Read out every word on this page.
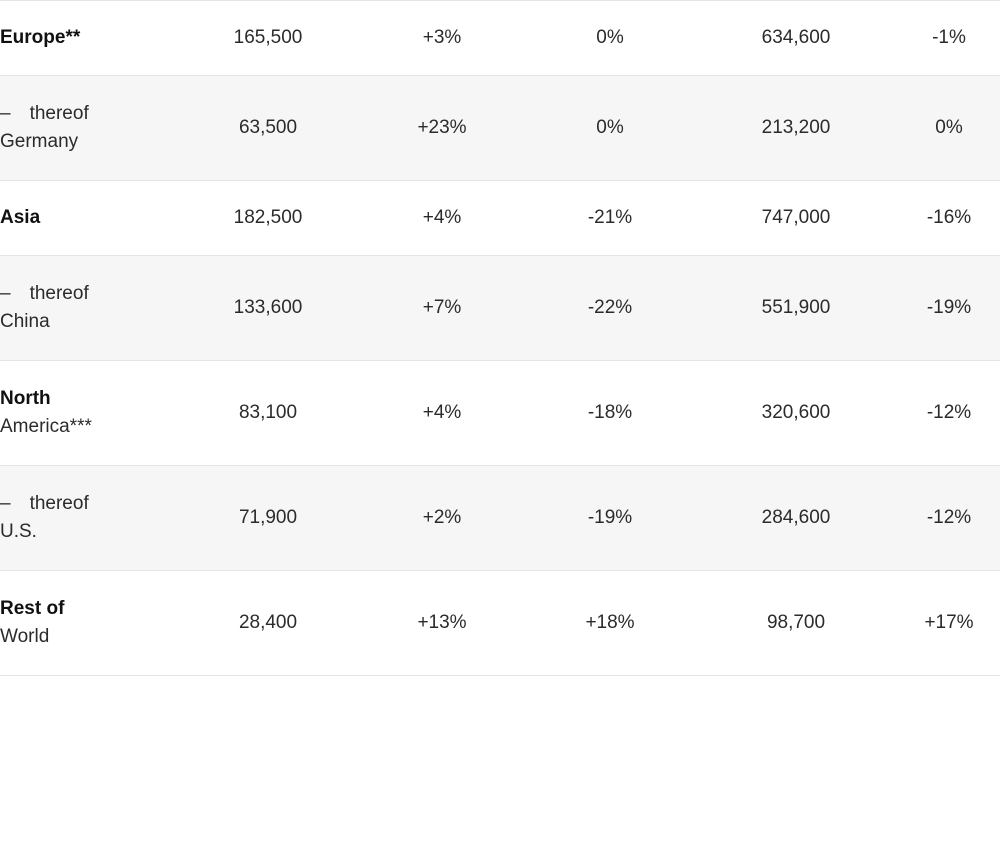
Europe**	165,500	+3%	0%	634,600	-1%
– thereof
Germany	63,500	+23%	0%	213,200	0%
Asia	182,500	+4%	-21%	747,000	-16%
– thereof
China	133,600	+7%	-22%	551,900	-19%
North
America***	83,100	+4%	-18%	320,600	-12%
– thereof
U.S.	71,900	+2%	-19%	284,600	-12%
Rest of
World	28,400	+13%	+18%	98,700	+17%
